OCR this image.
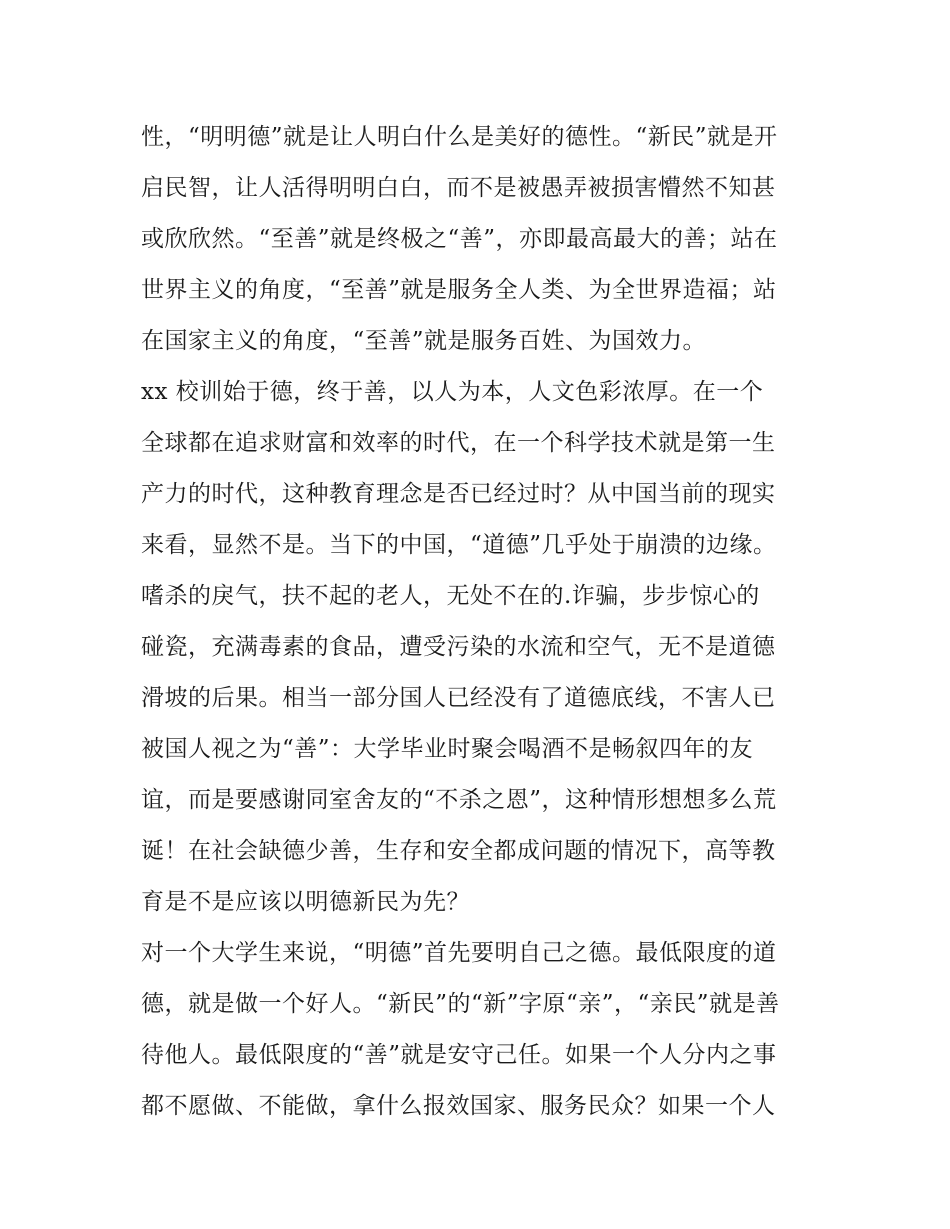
性，“明明德”就是让人明白什么是美好的德性。“新民”就是开
启民智，让人活得明明白白，而不是被愚弄被损害懵然不知甚
或欣欣然。“至善”就是终极之“善”，亦即最高最大的善；站在
世界主义的角度，“至善”就是服务全人类、为全世界造福；站
在国家主义的角度，“至善”就是服务百姓、为国效力。

xx 校训始于德，终于善，以人为本，人文色彩浓厚。在一个
全球都在追求财富和效率的时代，在一个科学技术就是第一生
产力的时代，这种教育理念是否已经过时？从中国当前的现实
来看，显然不是。当下的中国，“道德”几乎处于崩溃的边缘。
嗜杀的戾气，扶不起的老人，无处不在的.诈骗，步步惊心的
碰瓷，充满毒素的食品，遭受污染的水流和空气，无不是道德
滑坡的后果。相当一部分国人已经没有了道德底线，不害人已
被国人视之为“善”：大学毕业时聚会喝酒不是畅叙四年的友
谊，而是要感谢同室舍友的“不杀之恩”，这种情形想想多么荒
诞！在社会缺德少善，生存和安全都成问题的情况下，高等教
育是不是应该以明德新民为先？

对一个大学生来说，“明德”首先要明自己之德。最低限度的道
德，就是做一个好人。“新民”的“新”字原“亲”，“亲民”就是善
待他人。最低限度的“善”就是安守己任。如果一个人分内之事
都不愿做、不能做，拿什么报效国家、服务民众？如果一个人
